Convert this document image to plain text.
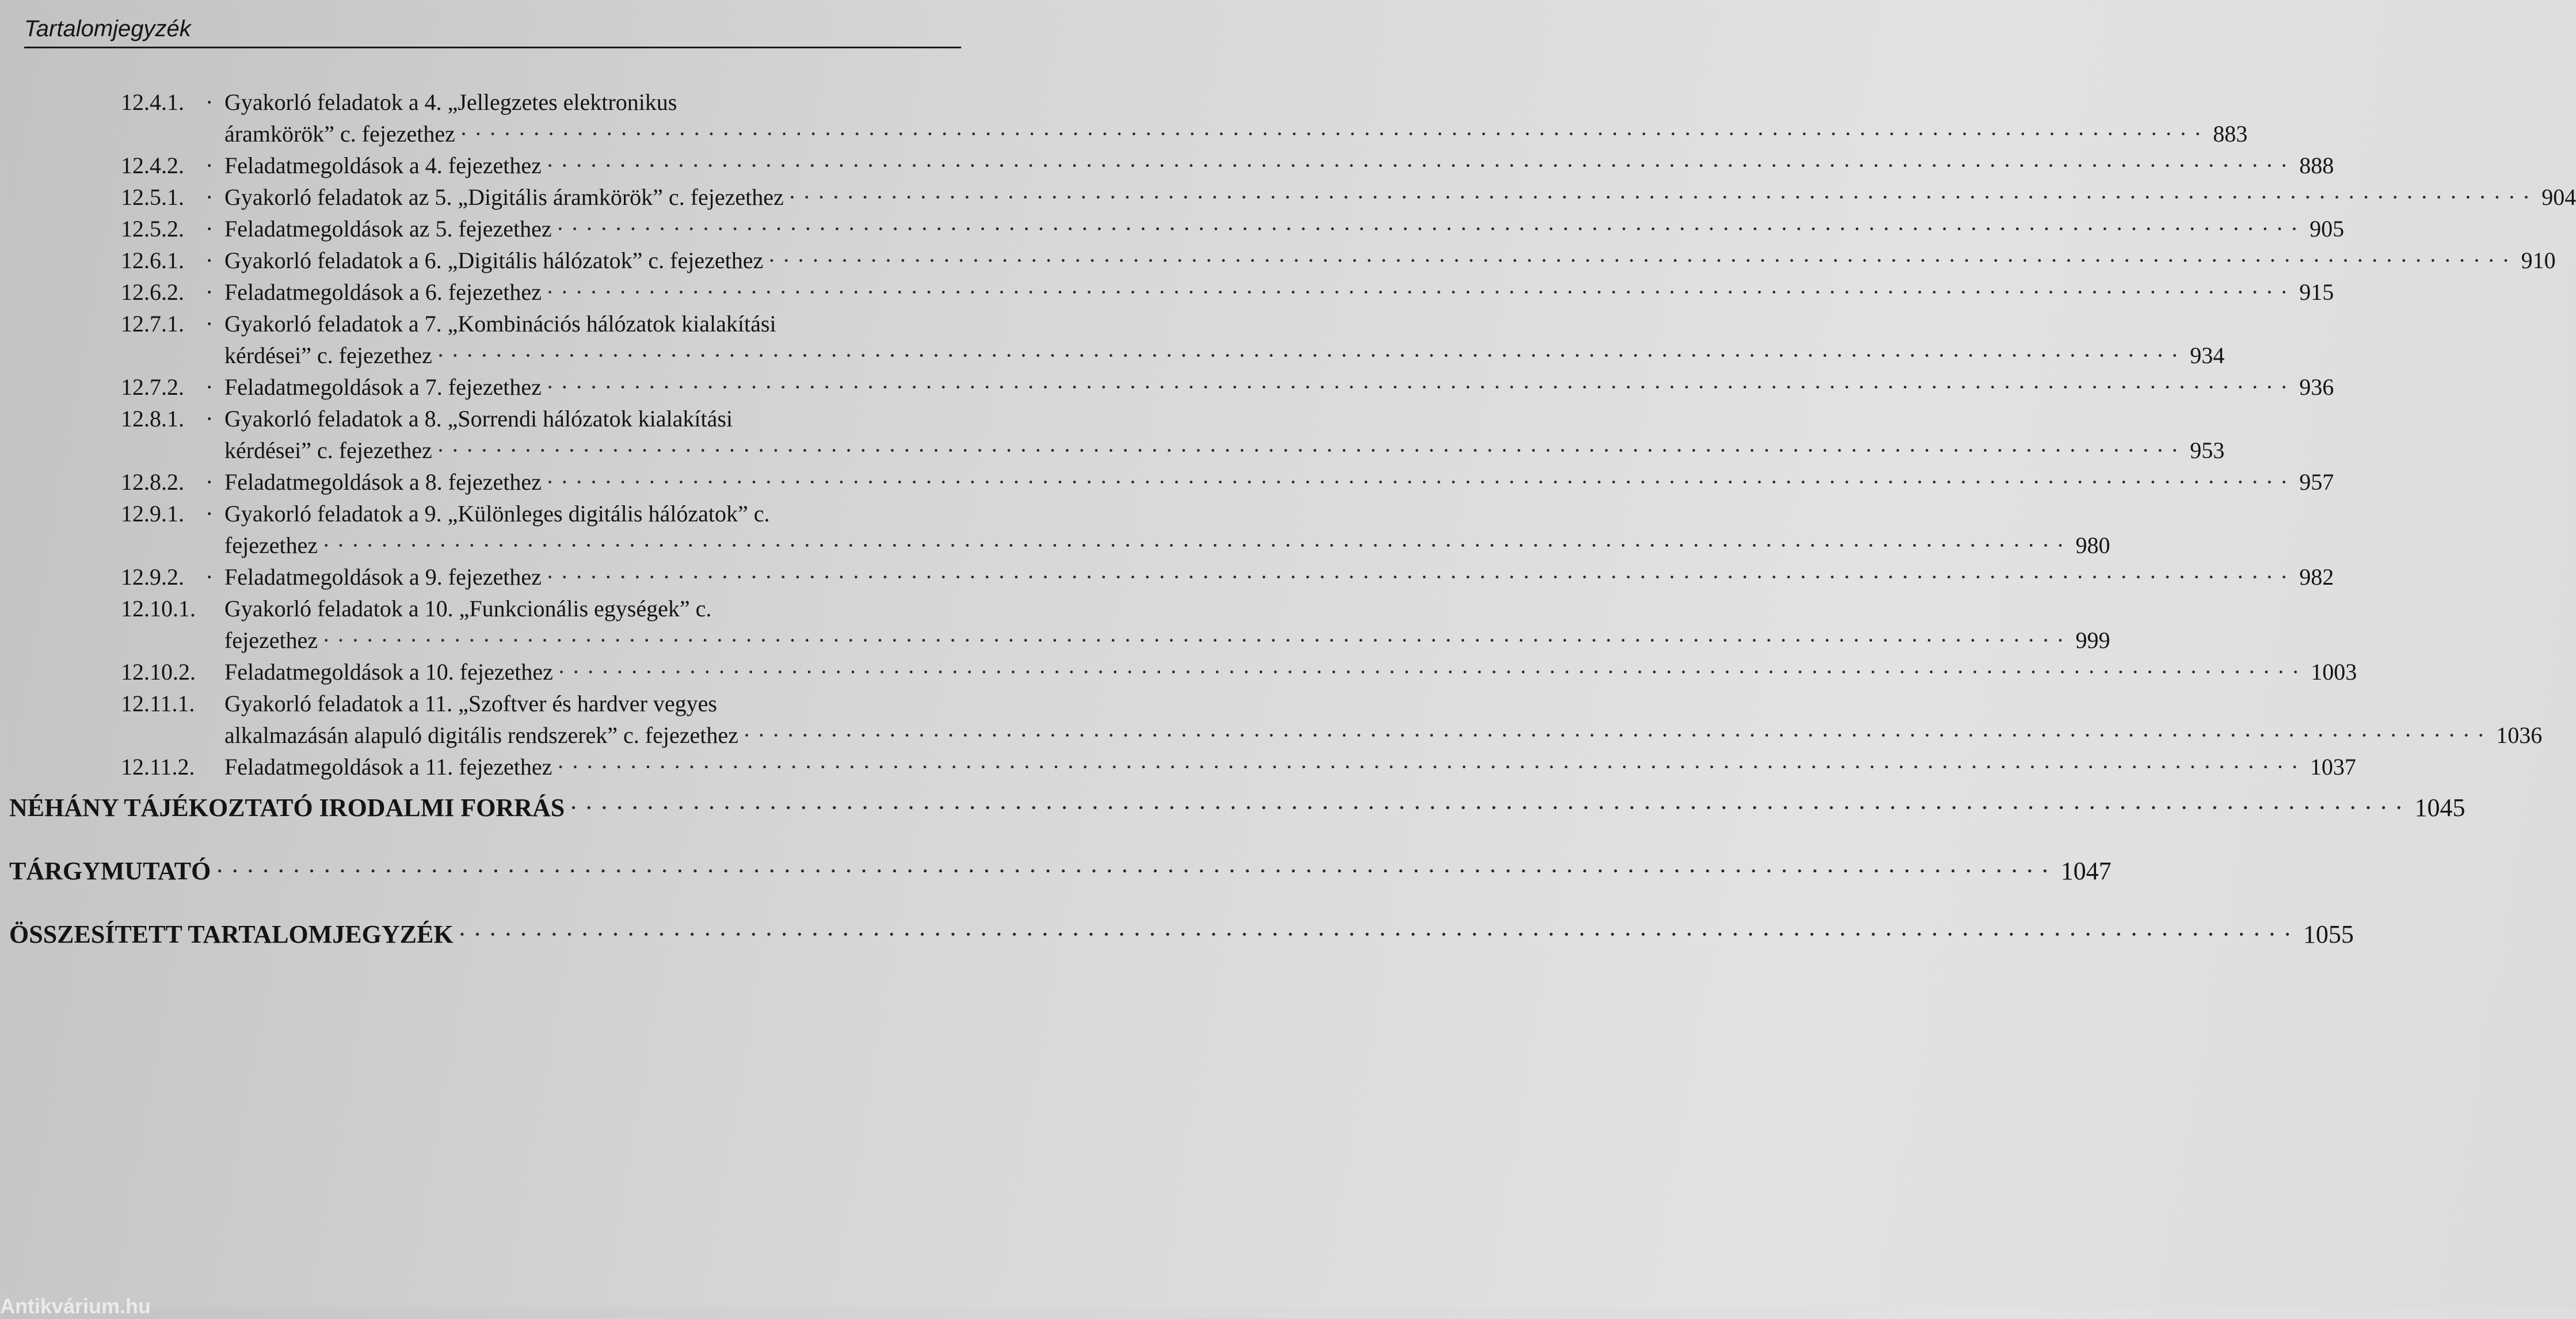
Tartalomjegyzék
12.4.1. · Gyakorló feladatok a 4. „Jellegzetes elektronikus
áramkörök” c. fejezethez ························································································································ 883
12.4.2. · Feladatmegoldások a 4. fejezethez ························································································································ 888
12.5.1. · Gyakorló feladatok az 5. „Digitális áramkörök” c. fejezethez ························································································································ 904
12.5.2. · Feladatmegoldások az 5. fejezethez ························································································································ 905
12.6.1. · Gyakorló feladatok a 6. „Digitális hálózatok” c. fejezethez ························································································································ 910
12.6.2. · Feladatmegoldások a 6. fejezethez ························································································································ 915
12.7.1. · Gyakorló feladatok a 7. „Kombinációs hálózatok kialakítási
kérdései” c. fejezethez ························································································································ 934
12.7.2. · Feladatmegoldások a 7. fejezethez ························································································································ 936
12.8.1. · Gyakorló feladatok a 8. „Sorrendi hálózatok kialakítási
kérdései” c. fejezethez ························································································································ 953
12.8.2. · Feladatmegoldások a 8. fejezethez ························································································································ 957
12.9.1. · Gyakorló feladatok a 9. „Különleges digitális hálózatok” c.
fejezethez ························································································································ 980
12.9.2. · Feladatmegoldások a 9. fejezethez ························································································································ 982
12.10.1. Gyakorló feladatok a 10. „Funkcionális egységek” c.
fejezethez ························································································································ 999
12.10.2. Feladatmegoldások a 10. fejezethez ························································································································ 1003
12.11.1. Gyakorló feladatok a 11. „Szoftver és hardver vegyes
alkalmazásán alapuló digitális rendszerek” c. fejezethez ························································································································ 1036
12.11.2. Feladatmegoldások a 11. fejezethez ························································································································ 1037
NÉHÁNY TÁJÉKOZTATÓ IRODALMI FORRÁS ························································································································ 1045
TÁRGYMUTATÓ ························································································································ 1047
ÖSSZESÍTETT TARTALOMJEGYZÉK ························································································································ 1055
Antikvárium.hu
